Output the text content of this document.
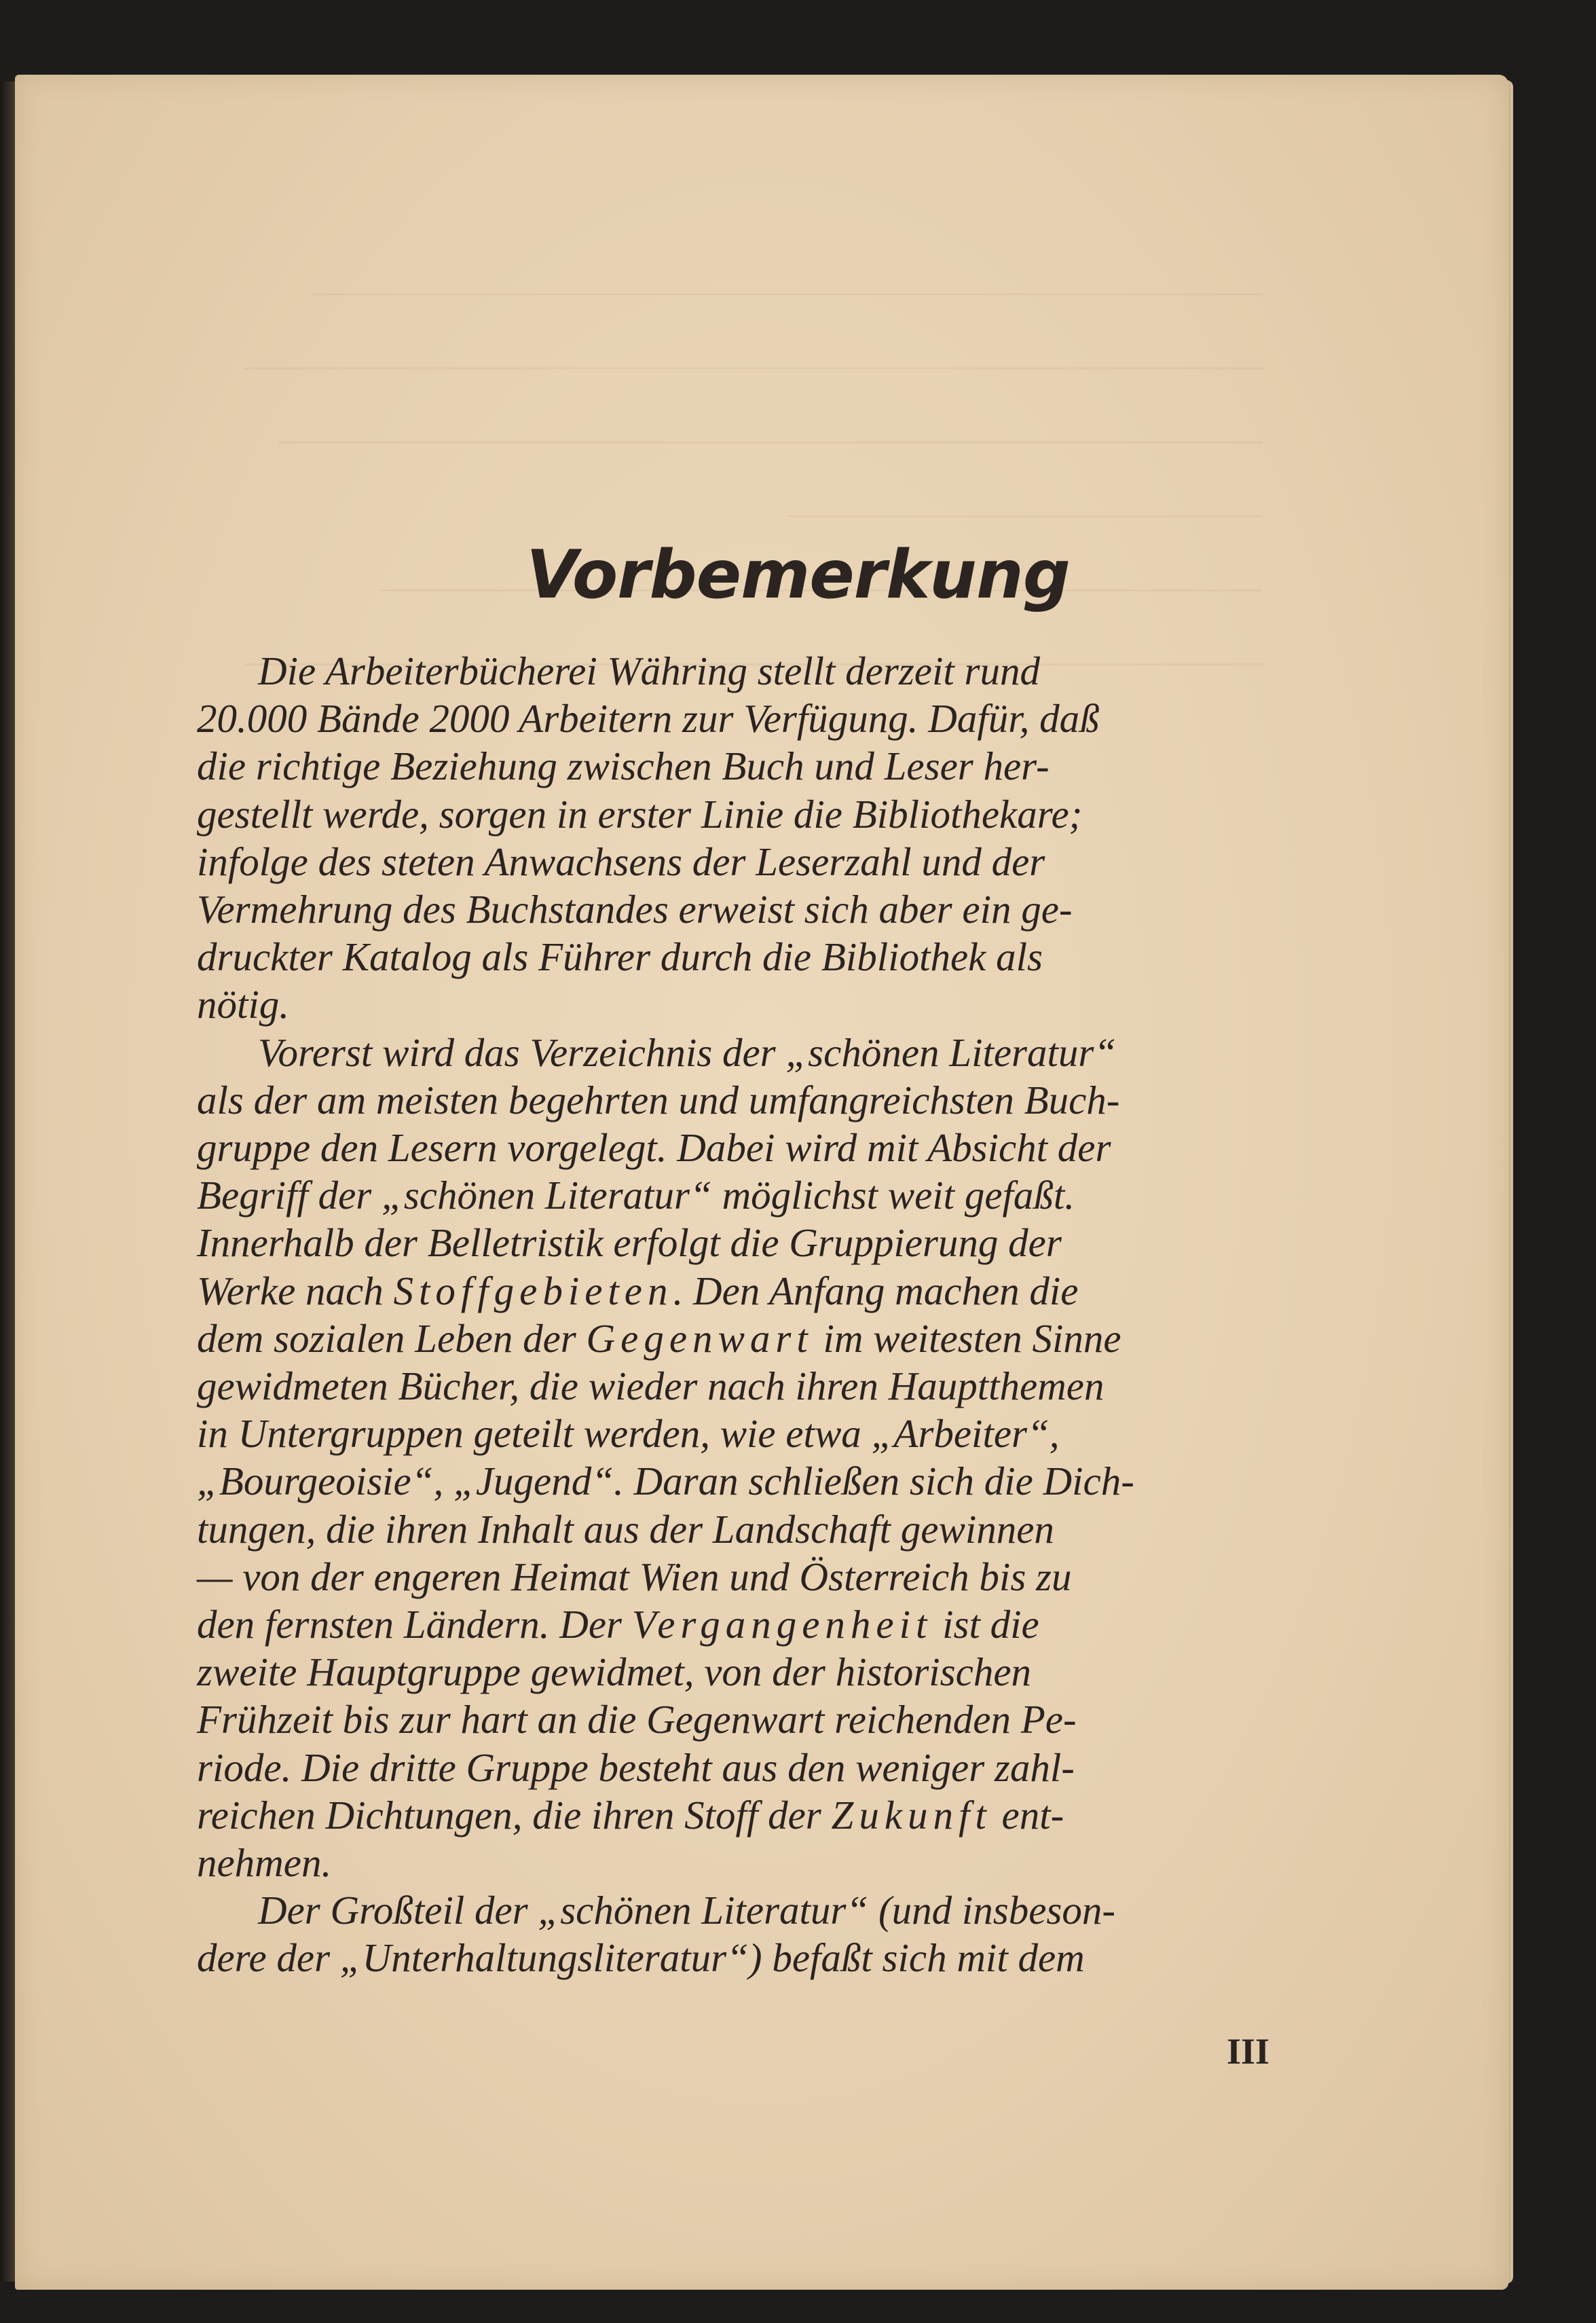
Vorbemerkung

Die Arbeiterbücherei Währing stellt derzeit rund
20.000 Bände 2000 Arbeitern zur Verfügung. Dafür, daß
die richtige Beziehung zwischen Buch und Leser her-
gestellt werde, sorgen in erster Linie die Bibliothekare;
infolge des steten Anwachsens der Leserzahl und der
Vermehrung des Buchstandes erweist sich aber ein ge-
druckter Katalog als Führer durch die Bibliothek als
nötig.

Vorerst wird das Verzeichnis der „schönen Literatur“
als der am meisten begehrten und umfangreichsten Buch-
gruppe den Lesern vorgelegt. Dabei wird mit Absicht der
Begriff der „schönen Literatur“ möglichst weit gefaßt.
Innerhalb der Belletristik erfolgt die Gruppierung der
Werke nach Stoffgebieten. Den Anfang machen die
dem sozialen Leben der Gegenwart im weitesten Sinne
gewidmeten Bücher, die wieder nach ihren Hauptthemen
in Untergruppen geteilt werden, wie etwa „Arbeiter“,
„Bourgeoisie“, „Jugend“. Daran schließen sich die Dich-
tungen, die ihren Inhalt aus der Landschaft gewinnen
— von der engeren Heimat Wien und Österreich bis zu
den fernsten Ländern. Der Vergangenheit ist die
zweite Hauptgruppe gewidmet, von der historischen
Frühzeit bis zur hart an die Gegenwart reichenden Pe-
riode. Die dritte Gruppe besteht aus den weniger zahl-
reichen Dichtungen, die ihren Stoff der Zukunft ent-
nehmen.

Der Großteil der „schönen Literatur“ (und insbeson-
dere der „Unterhaltungsliteratur“) befaßt sich mit dem

III
